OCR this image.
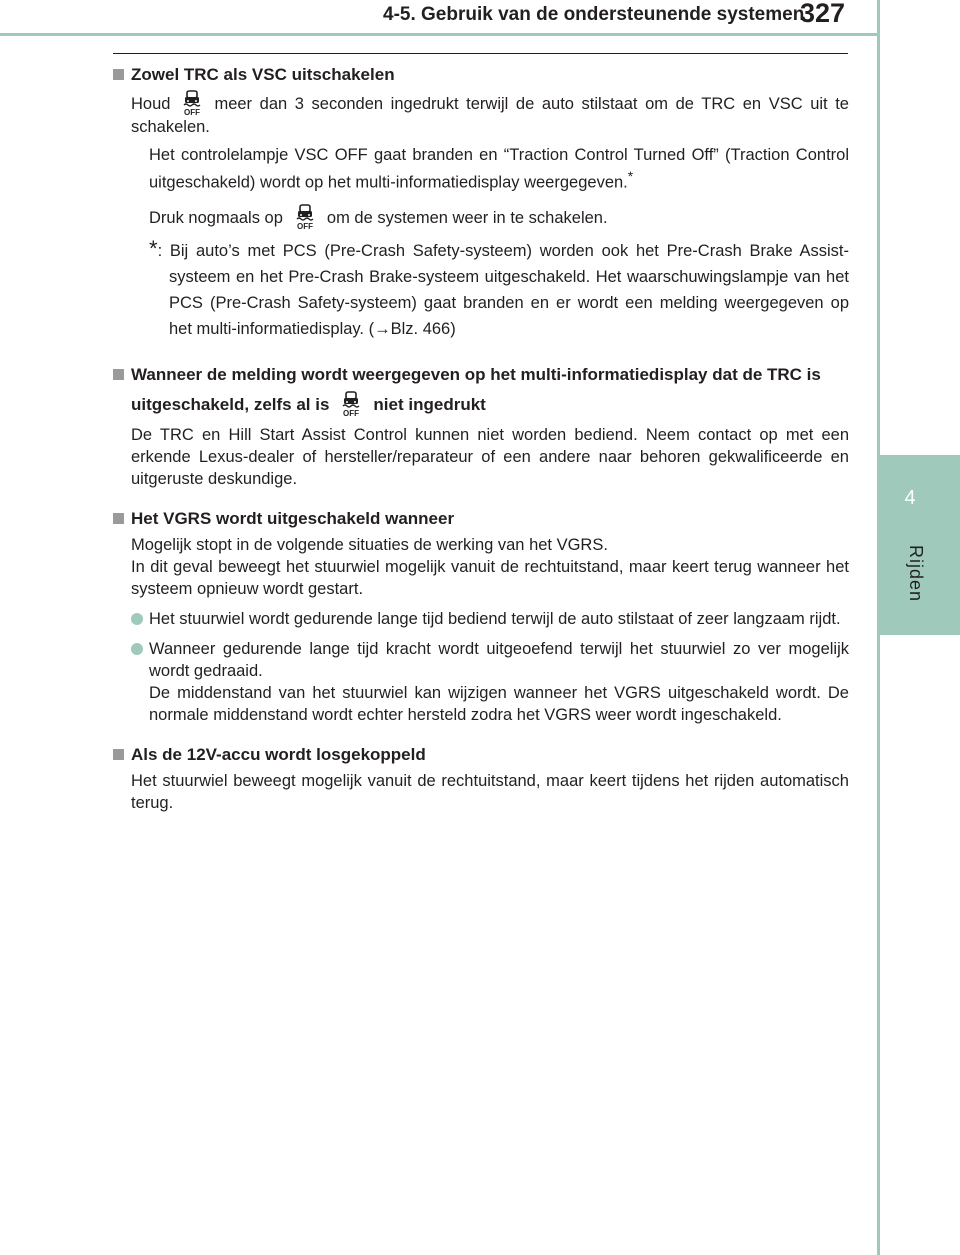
4-5. Gebruik van de ondersteunende systemen
327
4
Rijden
Zowel TRC als VSC uitschakelen
Houd	meer dan 3 seconden ingedrukt terwijl de auto stilstaat om de TRC en VSC uit te schakelen.
Het controlelampje VSC OFF gaat branden en “Traction Control Turned Off” (Traction Control uitgeschakeld) wordt op het multi-informatiedisplay weergegeven.*
Druk nogmaals op	om de systemen weer in te schakelen.
*: Bij auto’s met PCS (Pre-Crash Safety-systeem) worden ook het Pre-Crash Brake Assist-systeem en het Pre-Crash Brake-systeem uitgeschakeld. Het waarschuwingslampje van het PCS (Pre-Crash Safety-systeem) gaat branden en er wordt een melding weergegeven op het multi-informatiedisplay. (→Blz. 466)
Wanneer de melding wordt weergegeven op het multi-informatiedisplay dat de TRC is uitgeschakeld, zelfs al is	niet ingedrukt
De TRC en Hill Start Assist Control kunnen niet worden bediend. Neem contact op met een erkende Lexus-dealer of hersteller/reparateur of een andere naar behoren gekwalificeerde en uitgeruste deskundige.
Het VGRS wordt uitgeschakeld wanneer
Mogelijk stopt in de volgende situaties de werking van het VGRS.
In dit geval beweegt het stuurwiel mogelijk vanuit de rechtuitstand, maar keert terug wanneer het systeem opnieuw wordt gestart.
Het stuurwiel wordt gedurende lange tijd bediend terwijl de auto stilstaat of zeer langzaam rijdt.
Wanneer gedurende lange tijd kracht wordt uitgeoefend terwijl het stuurwiel zo ver mogelijk wordt gedraaid.
De middenstand van het stuurwiel kan wijzigen wanneer het VGRS uitgeschakeld wordt. De normale middenstand wordt echter hersteld zodra het VGRS weer wordt ingeschakeld.
Als de 12V-accu wordt losgekoppeld
Het stuurwiel beweegt mogelijk vanuit de rechtuitstand, maar keert tijdens het rijden automatisch terug.
